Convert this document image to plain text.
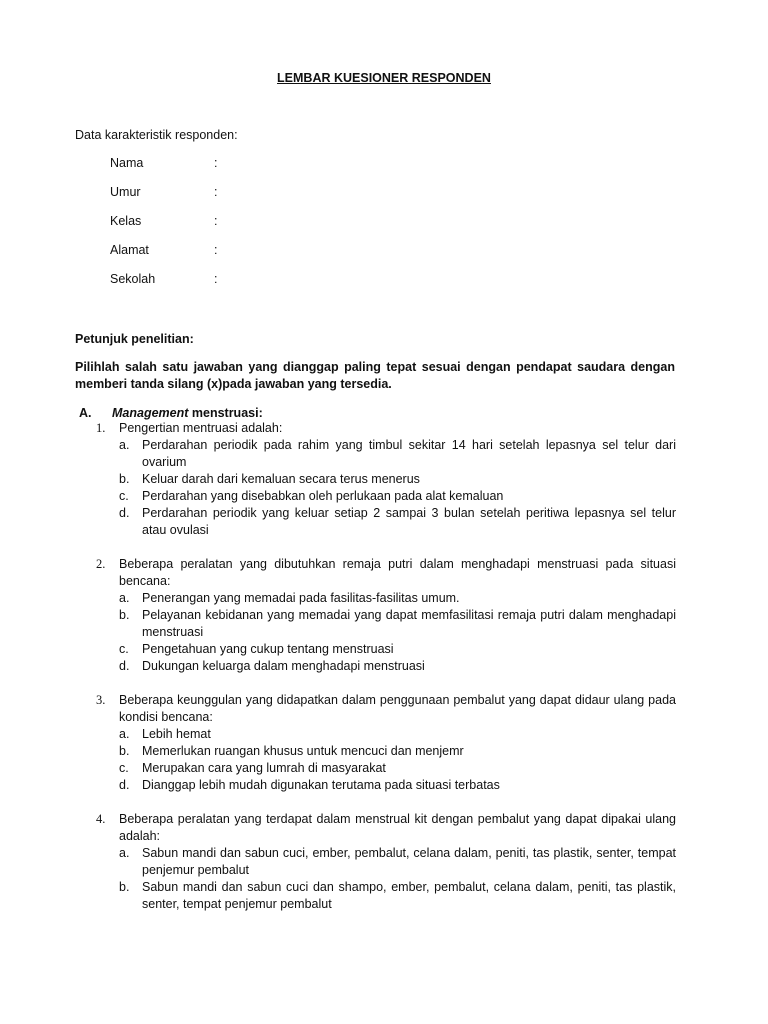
LEMBAR KUESIONER RESPONDEN
Data karakteristik responden:
Nama	:
Umur	:
Kelas	:
Alamat	:
Sekolah	:
Petunjuk penelitian:
Pilihlah salah satu jawaban yang dianggap paling tepat sesuai dengan pendapat saudara dengan memberi tanda silang (x)pada jawaban yang tersedia.
A.	Management menstruasi:
1.	Pengertian mentruasi adalah:
a.	Perdarahan periodik pada rahim yang timbul sekitar 14 hari setelah lepasnya sel telur dari ovarium
b.	Keluar darah dari kemaluan secara terus menerus
c.	Perdarahan yang disebabkan oleh perlukaan pada alat kemaluan
d.	Perdarahan periodik yang keluar setiap 2 sampai 3 bulan setelah peritiwa lepasnya sel telur atau ovulasi
2.	Beberapa peralatan yang dibutuhkan remaja putri dalam menghadapi menstruasi pada situasi bencana:
a.	Penerangan yang memadai pada fasilitas-fasilitas umum.
b.	Pelayanan kebidanan yang memadai yang dapat memfasilitasi remaja putri dalam menghadapi menstruasi
c.	Pengetahuan yang cukup tentang menstruasi
d.	Dukungan keluarga dalam menghadapi menstruasi
3.	Beberapa keunggulan yang didapatkan dalam penggunaan pembalut yang dapat didaur ulang pada kondisi bencana:
a.	Lebih hemat
b.	Memerlukan ruangan khusus untuk mencuci dan menjemr
c.	Merupakan cara yang lumrah di masyarakat
d.	Dianggap lebih mudah digunakan terutama pada situasi terbatas
4.	Beberapa peralatan yang terdapat dalam menstrual kit dengan pembalut yang dapat dipakai ulang adalah:
a.	Sabun mandi dan sabun cuci, ember, pembalut, celana dalam, peniti, tas plastik, senter, tempat penjemur pembalut
b.	Sabun mandi dan sabun cuci dan shampo, ember, pembalut, celana dalam, peniti, tas plastik, senter, tempat penjemur pembalut
